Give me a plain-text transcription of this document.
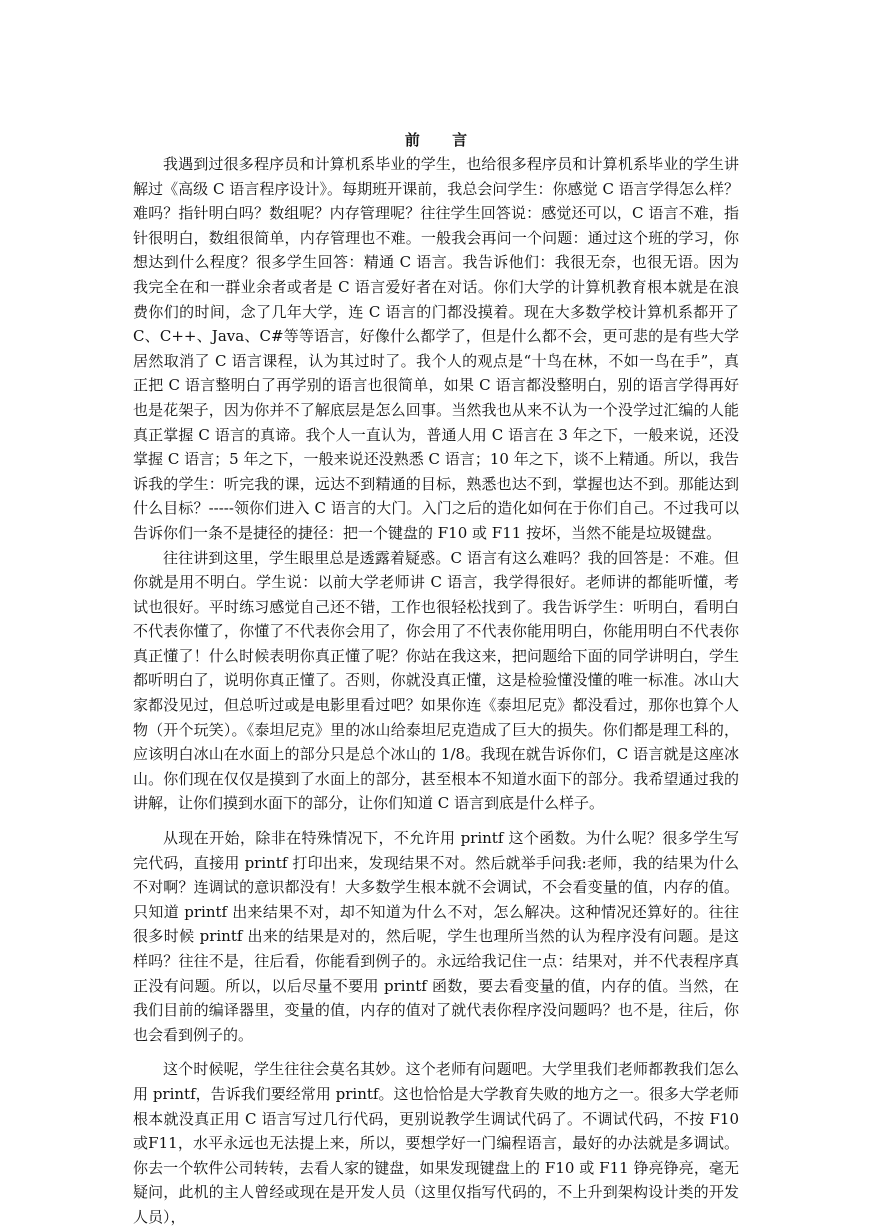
前 言

我遇到过很多程序员和计算机系毕业的学生，也给很多程序员和计算机系毕业的学生讲解过《高级 C 语言程序设计》。每期班开课前，我总会问学生：你感觉 C 语言学得怎么样？难吗？指针明白吗？数组呢？内存管理呢？往往学生回答说：感觉还可以，C 语言不难，指针很明白，数组很简单，内存管理也不难。一般我会再问一个问题：通过这个班的学习，你想达到什么程度？很多学生回答：精通 C 语言。我告诉他们：我很无奈，也很无语。因为我完全在和一群业余者或者是 C 语言爱好者在对话。你们大学的计算机教育根本就是在浪费你们的时间，念了几年大学，连 C 语言的门都没摸着。现在大多数学校计算机系都开了 C、C++、Java、C#等等语言，好像什么都学了，但是什么都不会，更可悲的是有些大学居然取消了 C 语言课程，认为其过时了。我个人的观点是“十鸟在林，不如一鸟在手”，真正把 C 语言整明白了再学别的语言也很简单，如果 C 语言都没整明白，别的语言学得再好也是花架子，因为你并不了解底层是怎么回事。当然我也从来不认为一个没学过汇编的人能真正掌握 C 语言的真谛。我个人一直认为，普通人用 C 语言在 3 年之下，一般来说，还没掌握 C 语言；5 年之下，一般来说还没熟悉 C 语言；10 年之下，谈不上精通。所以，我告诉我的学生：听完我的课，远达不到精通的目标，熟悉也达不到，掌握也达不到。那能达到什么目标？-----领你们进入 C 语言的大门。入门之后的造化如何在于你们自己。不过我可以告诉你们一条不是捷径的捷径：把一个键盘的 F10 或 F11 按坏，当然不能是垃圾键盘。

往往讲到这里，学生眼里总是透露着疑惑。C 语言有这么难吗？我的回答是：不难。但你就是用不明白。学生说：以前大学老师讲 C 语言，我学得很好。老师讲的都能听懂，考试也很好。平时练习感觉自己还不错，工作也很轻松找到了。我告诉学生：听明白，看明白不代表你懂了，你懂了不代表你会用了，你会用了不代表你能用明白，你能用明白不代表你真正懂了！什么时候表明你真正懂了呢？你站在我这来，把问题给下面的同学讲明白，学生都听明白了，说明你真正懂了。否则，你就没真正懂，这是检验懂没懂的唯一标准。冰山大家都没见过，但总听过或是电影里看过吧？如果你连《泰坦尼克》都没看过，那你也算个人物（开个玩笑）。《泰坦尼克》里的冰山给泰坦尼克造成了巨大的损失。你们都是理工科的，应该明白冰山在水面上的部分只是总个冰山的 1/8。我现在就告诉你们，C 语言就是这座冰山。你们现在仅仅是摸到了水面上的部分，甚至根本不知道水面下的部分。我希望通过我的讲解，让你们摸到水面下的部分，让你们知道 C 语言到底是什么样子。

从现在开始，除非在特殊情况下，不允许用 printf 这个函数。为什么呢？很多学生写完代码，直接用 printf 打印出来，发现结果不对。然后就举手问我:老师，我的结果为什么不对啊？连调试的意识都没有！大多数学生根本就不会调试，不会看变量的值，内存的值。只知道 printf 出来结果不对，却不知道为什么不对，怎么解决。这种情况还算好的。往往很多时候 printf 出来的结果是对的，然后呢，学生也理所当然的认为程序没有问题。是这样吗？往往不是，往后看，你能看到例子的。永远给我记住一点：结果对，并不代表程序真正没有问题。所以，以后尽量不要用 printf 函数，要去看变量的值，内存的值。当然，在我们目前的编译器里，变量的值，内存的值对了就代表你程序没问题吗？也不是，往后，你也会看到例子的。

这个时候呢，学生往往会莫名其妙。这个老师有问题吧。大学里我们老师都教我们怎么用 printf，告诉我们要经常用 printf。这也恰恰是大学教育失败的地方之一。很多大学老师根本就没真正用 C 语言写过几行代码，更别说教学生调试代码了。不调试代码，不按 F10 或F11，水平永远也无法提上来，所以，要想学好一门编程语言，最好的办法就是多调试。你去一个软件公司转转，去看人家的键盘，如果发现键盘上的 F10 或 F11 铮亮铮亮，毫无疑问，此机的主人曾经或现在是开发人员（这里仅指写代码的，不上升到架构设计类的开发人员），
